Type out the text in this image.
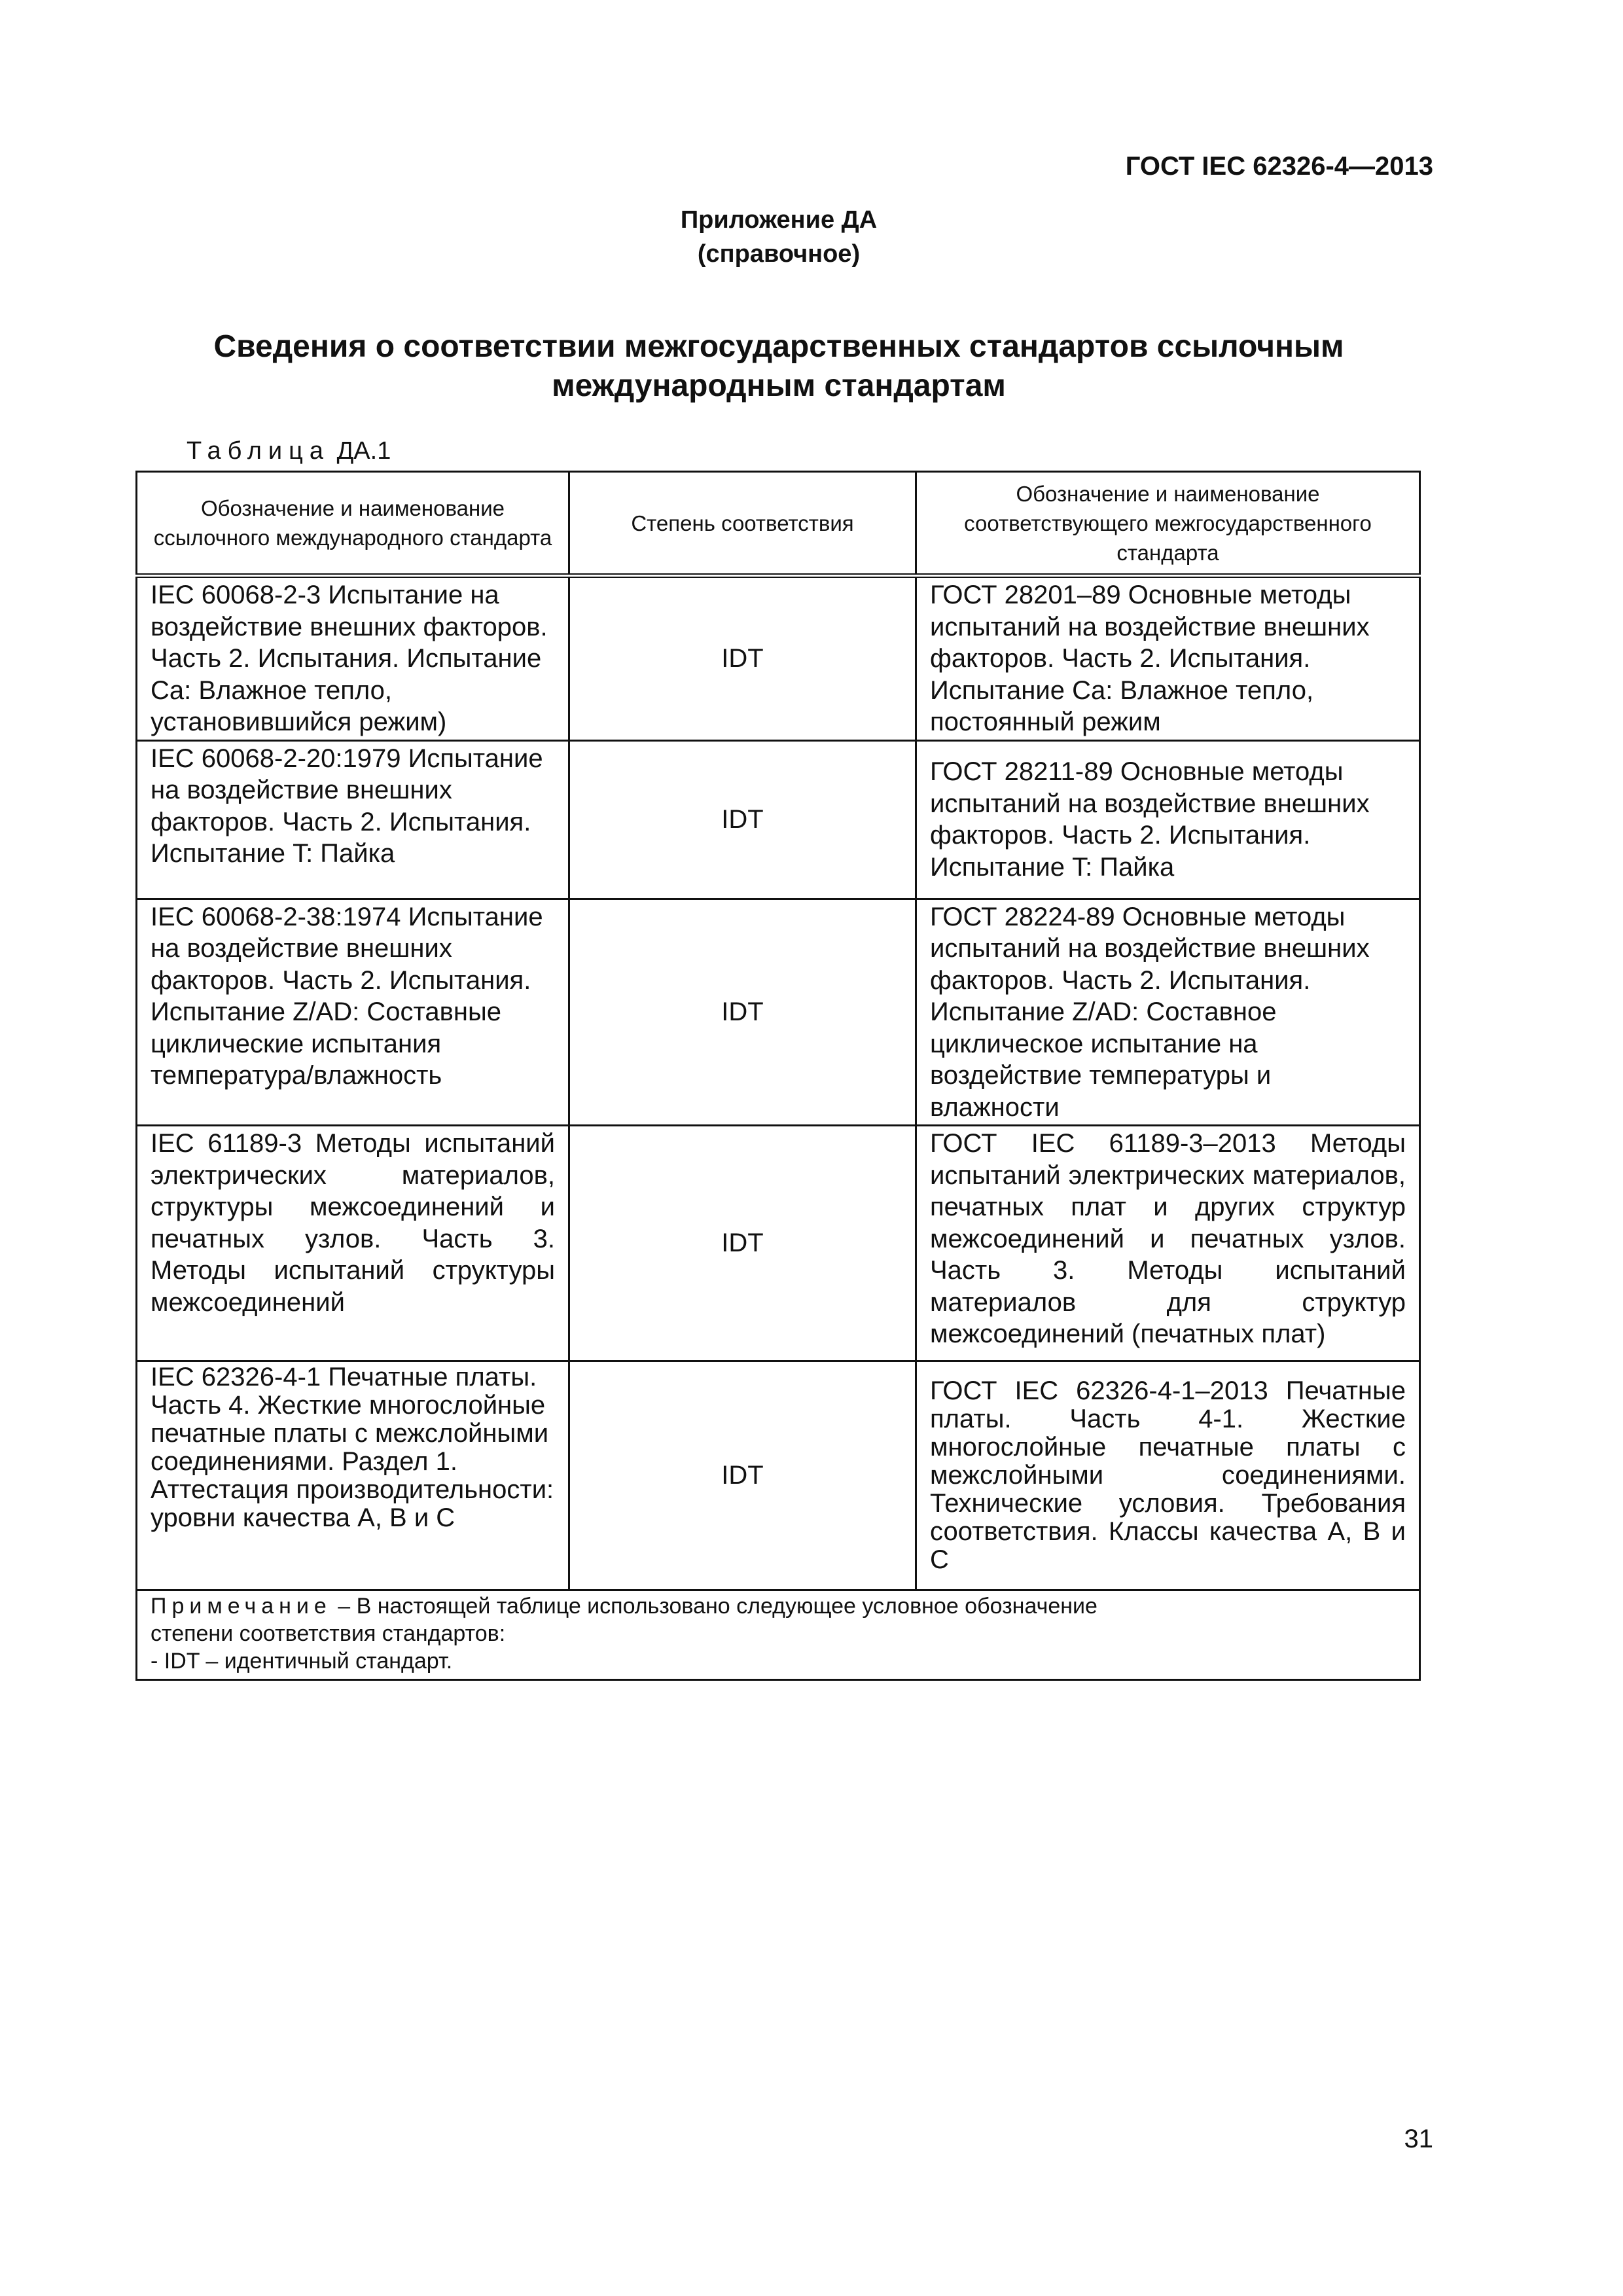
ГОСТ IEC 62326-4—2013
Приложение ДА
(справочное)
Сведения о соответствии межгосударственных стандартов ссылочным
международным стандартам
Таблица ДА.1
Обозначение и наименование ссылочного международного стандарта	Степень соответствия	Обозначение и наименование соответствующего межгосударственного стандарта
IEC 60068-2-3 Испытание на воздействие внешних факторов. Часть 2. Испытания. Испытание Ca: Влажное тепло, установившийся режим)	IDT	ГОСТ 28201–89 Основные методы испытаний на воздействие внешних факторов. Часть 2. Испытания. Испытание Ca: Влажное тепло, постоянный режим
IEC 60068-2-20:1979 Испытание на воздействие внешних факторов. Часть 2. Испытания. Испытание T: Пайка	IDT	ГОСТ 28211-89 Основные методы испытаний на воздействие внешних факторов. Часть 2. Испытания. Испытание T: Пайка
IEC 60068-2-38:1974 Испытание на воздействие внешних факторов. Часть 2. Испытания. Испытание Z/AD: Составные циклические испытания температура/влажность	IDT	ГОСТ 28224-89 Основные методы испытаний на воздействие внешних факторов. Часть 2. Испытания. Испытание Z/AD: Составное циклическое испытание на воздействие температуры и влажности
IEC 61189-3 Методы испытаний электрических материалов, структуры межсоединений и печатных узлов. Часть 3. Методы испытаний структуры межсоединений	IDT	ГОСТ IEC 61189-3–2013 Методы испытаний электрических материалов, печатных плат и других структур межсоединений и печатных узлов. Часть 3. Методы испытаний материалов для структур межсоединений (печатных плат)
IEC 62326-4-1 Печатные платы. Часть 4. Жесткие многослойные печатные платы с межслойными соединениями. Раздел 1. Аттестация производительности: уровни качества А, В и С	IDT	ГОСТ IEC 62326-4-1–2013 Печатные платы. Часть 4-1. Жесткие многослойные печатные платы с межслойными соединениями. Технические условия. Требования соответствия. Классы качества А, В и С
Примечание – В настоящей таблице использовано следующее условное обозначение
степени соответствия стандартов:
- IDT – идентичный стандарт.		
31
